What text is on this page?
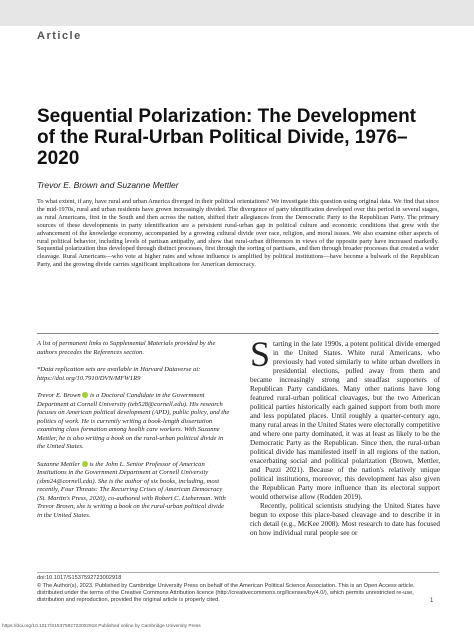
Article
Sequential Polarization: The Development of the Rural-Urban Political Divide, 1976–2020
Trevor E. Brown and Suzanne Mettler

To what extent, if any, have rural and urban America diverged in their political orientations? We investigate this question using original data. We find that since the mid-1970s, rural and urban residents have grown increasingly divided. The divergence of party identification developed over this period in several stages, as rural Americans, first in the South and then across the nation, shifted their allegiances from the Democratic Party to the Republican Party. The primary sources of these developments in party identification are a persistent rural-urban gap in political culture and economic conditions that grew with the advancement of the knowledge economy, accompanied by a growing cultural divide over race, religion, and moral issues. We also examine other aspects of rural political behavior, including levels of partisan antipathy, and show that rural-urban differences in views of the opposite party have increased markedly. Sequential polarization thus developed through distinct processes, first through the sorting of partisans, and then through broader processes that created a wider cleavage. Rural Americans—who vote at higher rates and whose influence is amplified by political institutions—have become a bulwark of the Republican Party, and the growing divide carries significant implications for American democracy.

A list of permanent links to Supplemental Materials provided by the authors precedes the References section.

*Data replication sets are available in Harvard Dataverse at: https://doi.org/10.7910/DVN/MFW1R9

Trevor E. Brown  is a Doctoral Candidate in the Government Department at Cornell University (teb528@cornell.edu). His research focuses on American political development (APD), public policy, and the politics of work. He is currently writing a book-length dissertation examining class formation among health care workers. With Suzanne Mettler, he is also writing a book on the rural-urban political divide in the United States.

Suzanne Mettler  is the John L. Senior Professor of American Institutions in the Government Department at Cornell University (sbm24@cornell.edu). She is the author of six books, including, most recently, Four Threats: The Recurring Crises of American Democracy (St. Martin's Press, 2020), co-authored with Robert C. Lieberman. With Trevor Brown, she is writing a book on the rural-urban political divide in the United States.

Starting in the late 1990s, a potent political divide emerged in the United States. White rural Americans, who previously had voted similarly to white urban dwellers in presidential elections, pulled away from them and became increasingly strong and steadfast supporters of Republican Party candidates. Many other nations have long featured rural-urban political cleavages, but the two American political parties historically each gained support from both more and less populated places. Until roughly a quarter-century ago, many rural areas in the United States were electorally competitive and where one party dominated, it was at least as likely to be the Democratic Party as the Republican. Since then, the rural-urban political divide has manifested itself in all regions of the nation, exacerbating social and political polarization (Brown, Mettler, and Puzzi 2021). Because of the nation's relatively unique political institutions, moreover, this development has also given the Republican Party more influence than its electoral support would otherwise allow (Rodden 2019).

Recently, political scientists studying the United States have begun to expose this place-based cleavage and to describe it in rich detail (e.g., McKee 2008). Most research to date has focused on how individual rural people see or

doi:10.1017/S1537592723002918
© The Author(s), 2023. Published by Cambridge University Press on behalf of the American Political Science Association. This is an Open Access article, distributed under the terms of the Creative Commons Attribution licence (http://creativecommons.org/licenses/by/4.0/), which permits unrestricted re-use, distribution and reproduction, provided the original article is properly cited.	1
https://doi.org/10.1017/S1537592723002918 Published online by Cambridge University Press
